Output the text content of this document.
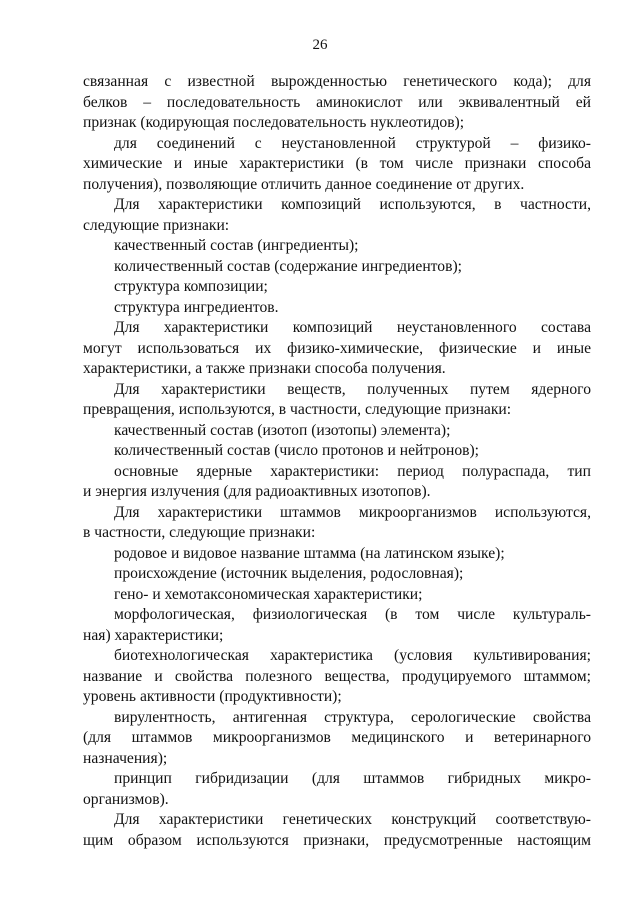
26
связанная с известной вырожденностью генетического кода); для
белков – последовательность аминокислот или эквивалентный ей
признак (кодирующая последовательность нуклеотидов);
для соединений с неустановленной структурой – физико-
химические и иные характеристики (в том числе признаки способа
получения), позволяющие отличить данное соединение от других.
Для характеристики композиций используются, в частности,
следующие признаки:
качественный состав (ингредиенты);
количественный состав (содержание ингредиентов);
структура композиции;
структура ингредиентов.
Для характеристики композиций неустановленного состава
могут использоваться их физико-химические, физические и иные
характеристики, а также признаки способа получения.
Для характеристики веществ, полученных путем ядерного
превращения, используются, в частности, следующие признаки:
качественный состав (изотоп (изотопы) элемента);
количественный состав (число протонов и нейтронов);
основные ядерные характеристики: период полураспада, тип
и энергия излучения (для радиоактивных изотопов).
Для характеристики штаммов микроорганизмов используются,
в частности, следующие признаки:
родовое и видовое название штамма (на латинском языке);
происхождение (источник выделения, родословная);
гено- и хемотаксономическая характеристики;
морфологическая, физиологическая (в том числе культураль-
ная) характеристики;
биотехнологическая характеристика (условия культивирования;
название и свойства полезного вещества, продуцируемого штаммом;
уровень активности (продуктивности);
вирулентность, антигенная структура, серологические свойства
(для штаммов микроорганизмов медицинского и ветеринарного
назначения);
принцип гибридизации (для штаммов гибридных микро-
организмов).
Для характеристики генетических конструкций соответствую-
щим образом используются признаки, предусмотренные настоящим
